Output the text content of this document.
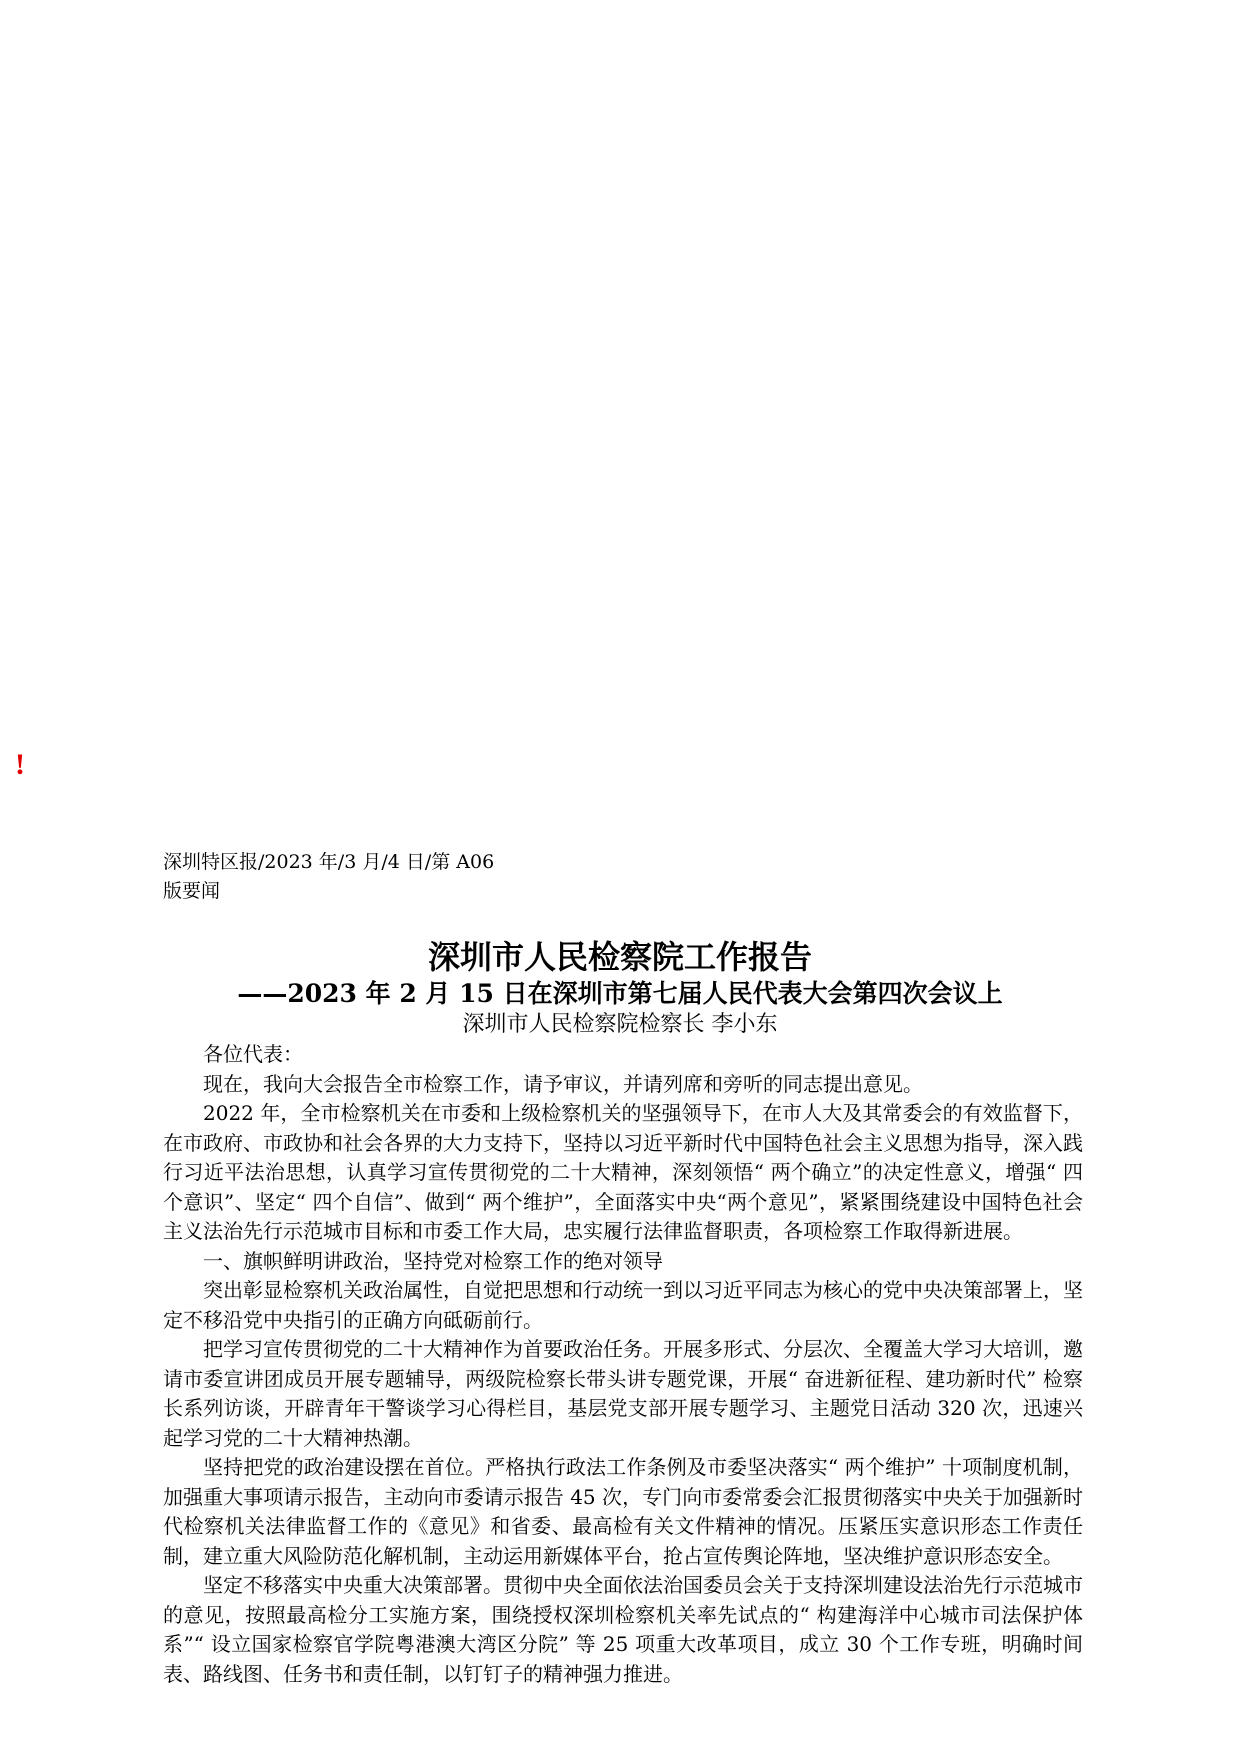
!
深圳特区报/2023 年/3 月/4 日/第 A06
版要闻
深圳市人民检察院工作报告
——2023 年 2 月 15 日在深圳市第七届人民代表大会第四次会议上
深圳市人民检察院检察长 李小东

各位代表：

现在，我向大会报告全市检察工作，请予审议，并请列席和旁听的同志提出意见。

2022 年，全市检察机关在市委和上级检察机关的坚强领导下，在市人大及其常委会的有效监督下，在市政府、市政协和社会各界的大力支持下，坚持以习近平新时代中国特色社会主义思想为指导，深入践行习近平法治思想，认真学习宣传贯彻党的二十大精神，深刻领悟“ 两个确立”的决定性意义，增强“ 四个意识”、坚定“ 四个自信”、做到“ 两个维护”，全面落实中央“两个意见”，紧紧围绕建设中国特色社会主义法治先行示范城市目标和市委工作大局，忠实履行法律监督职责，各项检察工作取得新进展。

一、旗帜鲜明讲政治，坚持党对检察工作的绝对领导

突出彰显检察机关政治属性，自觉把思想和行动统一到以习近平同志为核心的党中央决策部署上，坚定不移沿党中央指引的正确方向砥砺前行。

把学习宣传贯彻党的二十大精神作为首要政治任务。开展多形式、分层次、全覆盖大学习大培训，邀请市委宣讲团成员开展专题辅导，两级院检察长带头讲专题党课，开展“ 奋进新征程、建功新时代” 检察长系列访谈，开辟青年干警谈学习心得栏目，基层党支部开展专题学习、主题党日活动 320 次，迅速兴起学习党的二十大精神热潮。

坚持把党的政治建设摆在首位。严格执行政法工作条例及市委坚决落实“ 两个维护” 十项制度机制，加强重大事项请示报告，主动向市委请示报告 45 次，专门向市委常委会汇报贯彻落实中央关于加强新时代检察机关法律监督工作的《意见》和省委、最高检有关文件精神的情况。压紧压实意识形态工作责任制，建立重大风险防范化解机制，主动运用新媒体平台，抢占宣传舆论阵地，坚决维护意识形态安全。

坚定不移落实中央重大决策部署。贯彻中央全面依法治国委员会关于支持深圳建设法治先行示范城市的意见，按照最高检分工实施方案，围绕授权深圳检察机关率先试点的“ 构建海洋中心城市司法保护体系”“ 设立国家检察官学院粤港澳大湾区分院” 等 25 项重大改革项目，成立 30 个工作专班，明确时间表、路线图、任务书和责任制，以钉钉子的精神强力推进。
